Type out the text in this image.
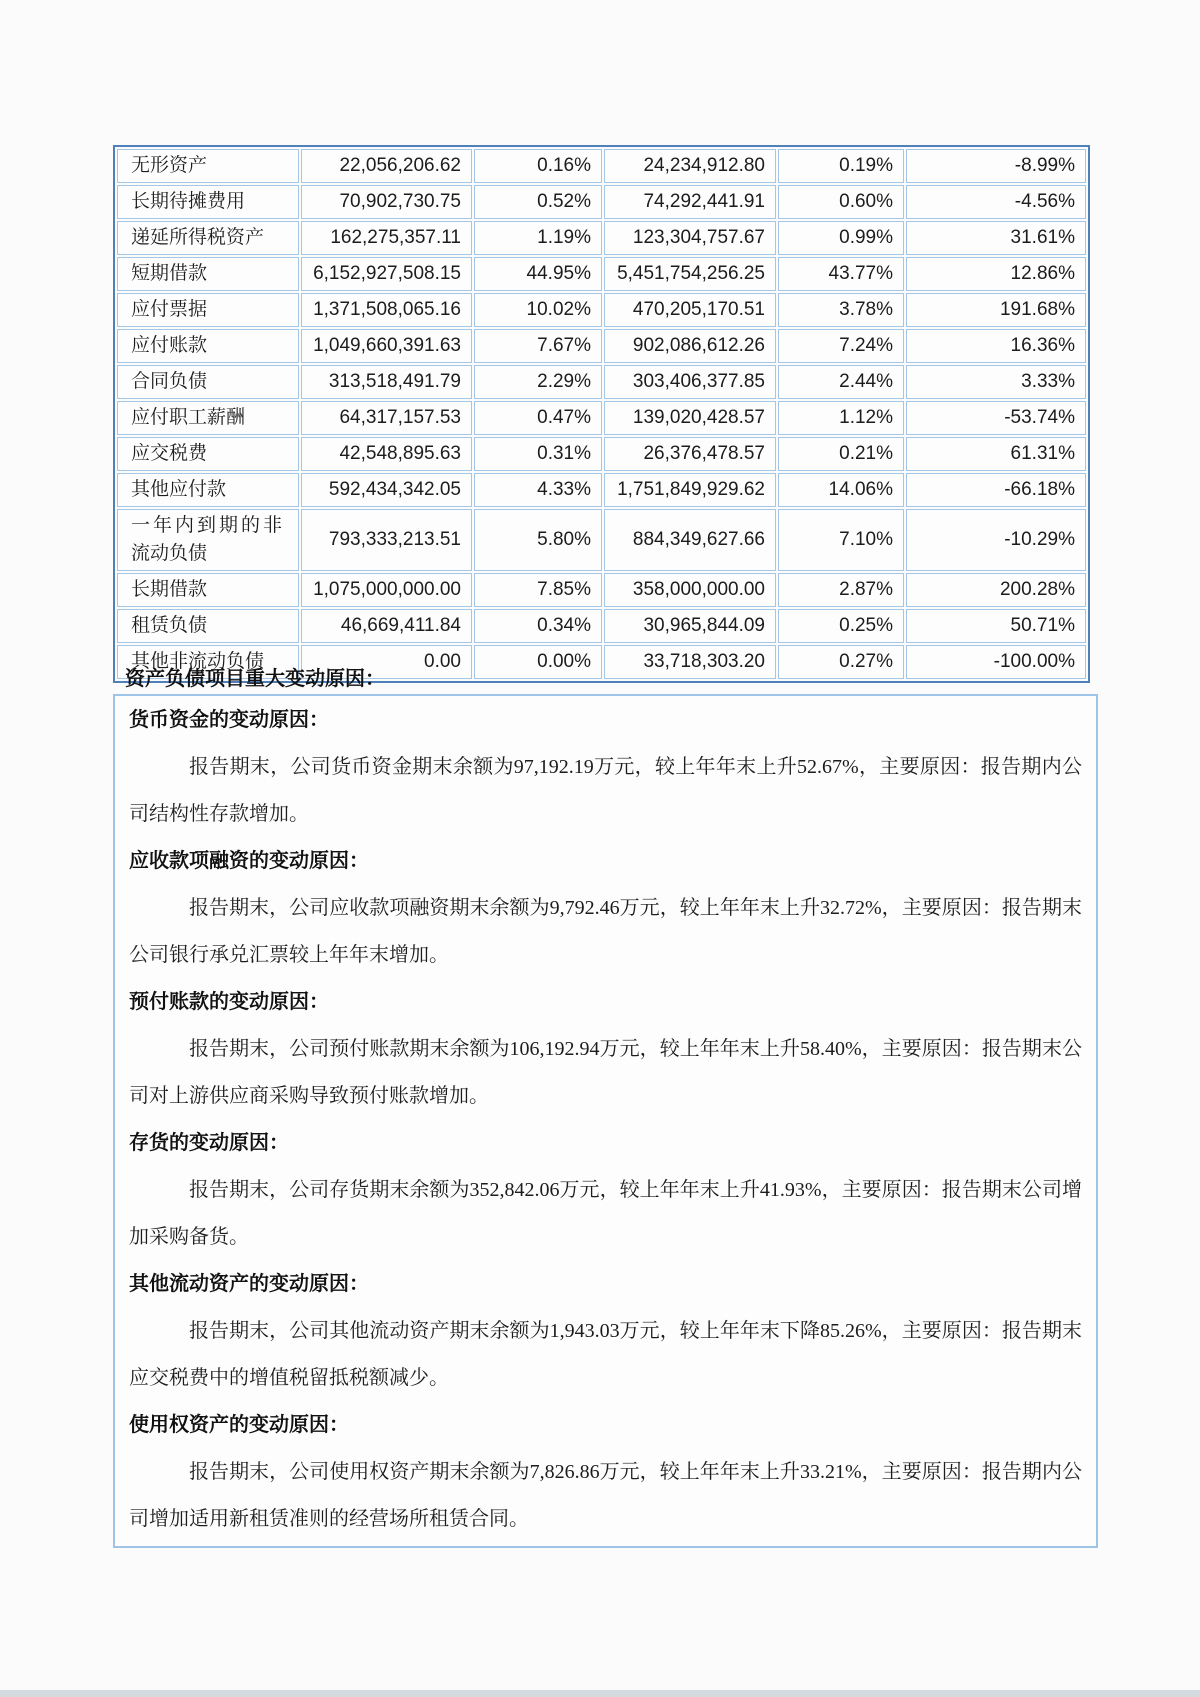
无形资产	22,056,206.62	0.16%	24,234,912.80	0.19%	-8.99%
长期待摊费用	70,902,730.75	0.52%	74,292,441.91	0.60%	-4.56%
递延所得税资产	162,275,357.11	1.19%	123,304,757.67	0.99%	31.61%
短期借款	6,152,927,508.15	44.95%	5,451,754,256.25	43.77%	12.86%
应付票据	1,371,508,065.16	10.02%	470,205,170.51	3.78%	191.68%
应付账款	1,049,660,391.63	7.67%	902,086,612.26	7.24%	16.36%
合同负债	313,518,491.79	2.29%	303,406,377.85	2.44%	3.33%
应付职工薪酬	64,317,157.53	0.47%	139,020,428.57	1.12%	-53.74%
应交税费	42,548,895.63	0.31%	26,376,478.57	0.21%	61.31%
其他应付款	592,434,342.05	4.33%	1,751,849,929.62	14.06%	-66.18%
一年内到期的非流动负债	793,333,213.51	5.80%	884,349,627.66	7.10%	-10.29%
长期借款	1,075,000,000.00	7.85%	358,000,000.00	2.87%	200.28%
租赁负债	46,669,411.84	0.34%	30,965,844.09	0.25%	50.71%
其他非流动负债	0.00	0.00%	33,718,303.20	0.27%	-100.00%
资产负债项目重大变动原因：

货币资金的变动原因：

报告期末，公司货币资金期末余额为97,192.19万元，较上年年末上升52.67%，主要原因：报告期内公司结构性存款增加。

应收款项融资的变动原因：

报告期末，公司应收款项融资期末余额为9,792.46万元，较上年年末上升32.72%，主要原因：报告期末公司银行承兑汇票较上年年末增加。

预付账款的变动原因：

报告期末，公司预付账款期末余额为106,192.94万元，较上年年末上升58.40%，主要原因：报告期末公司对上游供应商采购导致预付账款增加。

存货的变动原因：

报告期末，公司存货期末余额为352,842.06万元，较上年年末上升41.93%，主要原因：报告期末公司增加采购备货。

其他流动资产的变动原因：

报告期末，公司其他流动资产期末余额为1,943.03万元，较上年年末下降85.26%，主要原因：报告期末应交税费中的增值税留抵税额减少。

使用权资产的变动原因：

报告期末，公司使用权资产期末余额为7,826.86万元，较上年年末上升33.21%，主要原因：报告期内公司增加适用新租赁准则的经营场所租赁合同。
